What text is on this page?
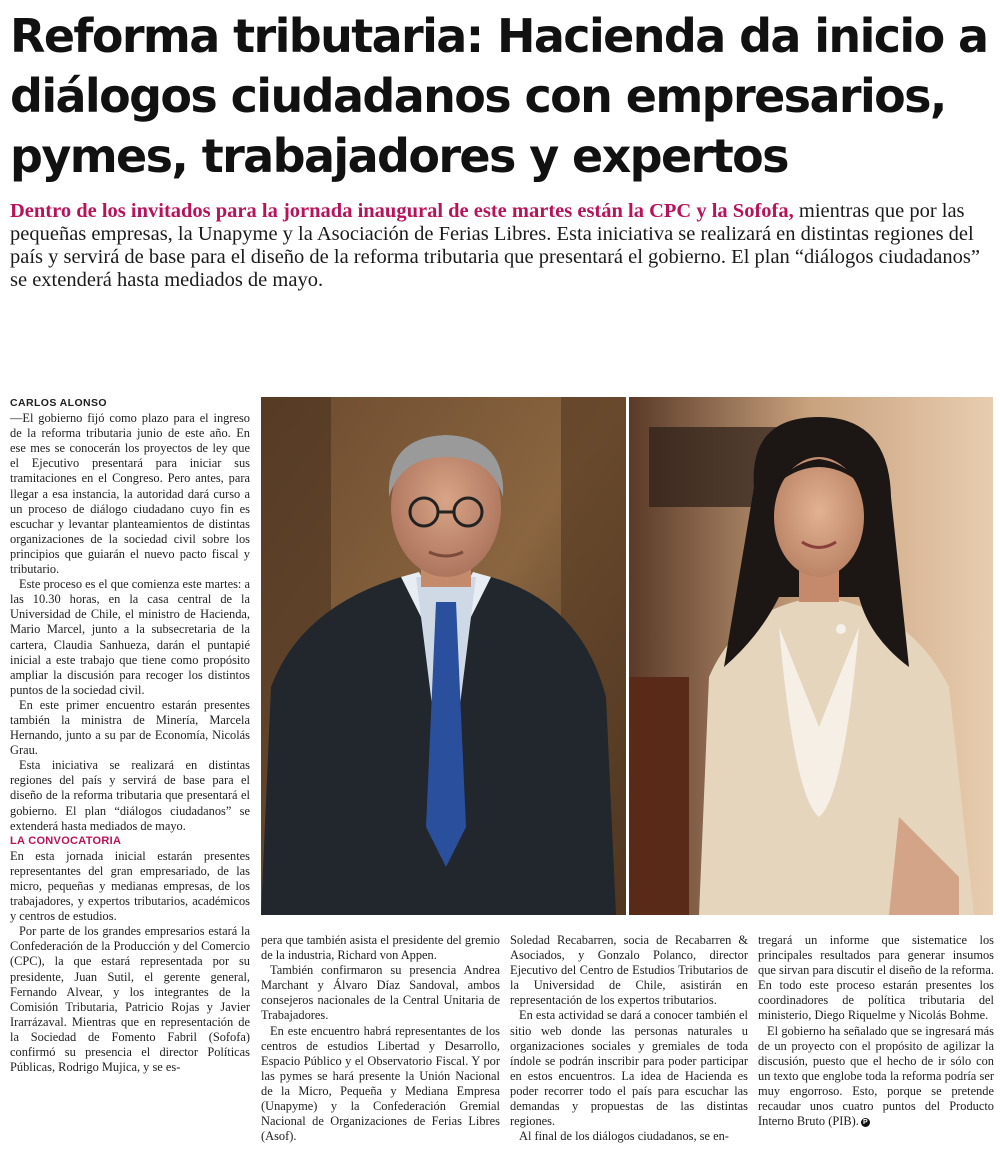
Reforma tributaria: Hacienda da inicio a diálogos ciudadanos con empresarios, pymes, trabajadores y expertos

Dentro de los invitados para la jornada inaugural de este martes están la CPC y la Sofofa, mientras que por las pequeñas empresas, la Unapyme y la Asociación de Ferias Libres. Esta iniciativa se realizará en distintas regiones del país y servirá de base para el diseño de la reforma tributaria que presentará el gobierno. El plan “diálogos ciudadanos” se extenderá hasta mediados de mayo.

CARLOS ALONSO

—El gobierno fijó como plazo para el ingreso de la reforma tributaria junio de este año. En ese mes se conocerán los proyectos de ley que el Ejecutivo presentará para iniciar sus tramitaciones en el Congreso. Pero antes, para llegar a esa instancia, la autoridad dará curso a un proceso de diálogo ciudadano cuyo fin es escuchar y levantar planteamientos de distintas organizaciones de la sociedad civil sobre los principios que guiarán el nuevo pacto fiscal y tributario.

Este proceso es el que comienza este martes: a las 10.30 horas, en la casa central de la Universidad de Chile, el ministro de Hacienda, Mario Marcel, junto a la subsecretaria de la cartera, Claudia Sanhueza, darán el puntapié inicial a este trabajo que tiene como propósito ampliar la discusión para recoger los distintos puntos de la sociedad civil.

En este primer encuentro estarán presentes también la ministra de Minería, Marcela Hernando, junto a su par de Economía, Nicolás Grau.

Esta iniciativa se realizará en distintas regiones del país y servirá de base para el diseño de la reforma tributaria que presentará el gobierno. El plan “diálogos ciudadanos” se extenderá hasta mediados de mayo.

LA CONVOCATORIA

En esta jornada inicial estarán presentes representantes del gran empresariado, de las micro, pequeñas y medianas empresas, de los trabajadores, y expertos tributarios, académicos y centros de estudios.

Por parte de los grandes empresarios estará la Confederación de la Producción y del Comercio (CPC), la que estará representada por su presidente, Juan Sutil, el gerente general, Fernando Alvear, y los integrantes de la Comisión Tributaria, Patricio Rojas y Javier Irarrázaval. Mientras que en representación de la Sociedad de Fomento Fabril (Sofofa) confirmó su presencia el director Políticas Públicas, Rodrigo Mujica, y se es-

pera que también asista el presidente del gremio de la industria, Richard von Appen.

También confirmaron su presencia Andrea Marchant y Álvaro Díaz Sandoval, ambos consejeros nacionales de la Central Unitaria de Trabajadores.

En este encuentro habrá representantes de los centros de estudios Libertad y Desarrollo, Espacio Público y el Observatorio Fiscal. Y por las pymes se hará presente la Unión Nacional de la Micro, Pequeña y Mediana Empresa (Unapyme) y la Confederación Gremial Nacional de Organizaciones de Ferias Libres (Asof).

Soledad Recabarren, socia de Recabarren & Asociados, y Gonzalo Polanco, director Ejecutivo del Centro de Estudios Tributarios de la Universidad de Chile, asistirán en representación de los expertos tributarios.

En esta actividad se dará a conocer también el sitio web donde las personas naturales u organizaciones sociales y gremiales de toda índole se podrán inscribir para poder participar en estos encuentros. La idea de Hacienda es poder recorrer todo el país para escuchar las demandas y propuestas de las distintas regiones.

Al final de los diálogos ciudadanos, se en-

tregará un informe que sistematice los principales resultados para generar insumos que sirvan para discutir el diseño de la reforma. En todo este proceso estarán presentes los coordinadores de política tributaria del ministerio, Diego Riquelme y Nicolás Bohme.

El gobierno ha señalado que se ingresará más de un proyecto con el propósito de agilizar la discusión, puesto que el hecho de ir sólo con un texto que englobe toda la reforma podría ser muy engorroso. Esto, porque se pretende recaudar unos cuatro puntos del Producto Interno Bruto (PIB). P
